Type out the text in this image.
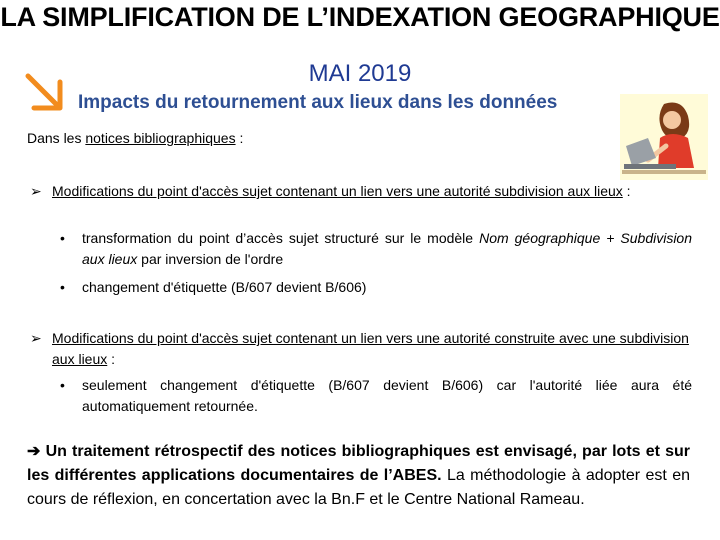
LA SIMPLIFICATION DE L’INDEXATION GEOGRAPHIQUE
MAI 2019
Impacts du retournement aux lieux dans les données
Dans les notices bibliographiques :
➢ Modifications du point d'accès sujet contenant un lien vers une autorité subdivision aux lieux :
• transformation du point d’accès sujet structuré sur le modèle Nom géographique + Subdivision aux lieux par inversion de l'ordre
• changement d'étiquette (B/607 devient B/606)
➢ Modifications du point d'accès sujet contenant un lien vers une autorité construite avec une subdivision aux lieux :
• seulement changement d'étiquette (B/607 devient B/606) car l'autorité liée aura été automatiquement retournée.
➔ Un traitement rétrospectif des notices bibliographiques est envisagé, par lots et sur les différentes applications documentaires de l’ABES. La méthodologie à adopter est en cours de réflexion, en concertation avec la Bn.F et le Centre National Rameau.
